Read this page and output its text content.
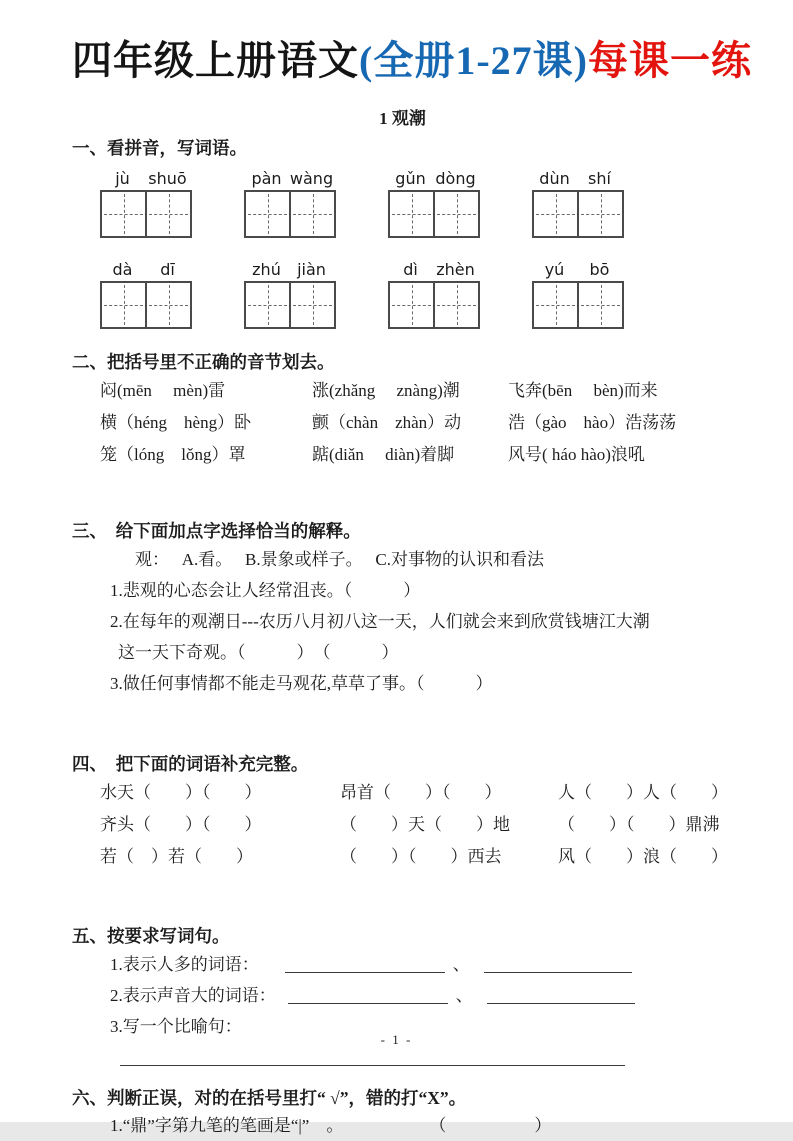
四年级上册语文(全册1-27课)每课一练
1 观潮
一、看拼音，写词语。
jù	shuō	pàn wàng	gǔn dòng	dùn	shí
dà	dī	zhú	jiàn	dì	zhèn	yú	bō
二、把括号里不正确的音节划去。
闷(mēn　 mèn)雷	涨(zhǎng　 znàng)潮	飞奔(bēn　 bèn)而来
横（héng　hèng）卧	颤（chàn　zhàn）动	浩（gào　hào）浩荡荡
笼（lóng　lǒng）罩	踮(diǎn　 diàn)着脚	风号( háo hào)浪吼
三、　给下面加点字选择恰当的解释。
观：　 A.看。　 B.景象或样子。　 C.对事物的认识和看法
1.悲观的心态会让人经常沮丧。（　　　）
2.在每年的观潮日---农历八月初八这一天，人们就会来到欣赏钱塘江大潮
这一天下奇观。（　　　）　（　　　）
3.做任何事情都不能走马观花,草草了事。（　　　）
四、　把下面的词语补充完整。
水天（　　）（　　）	昂首（　　）（　　）	人（　　）人（　　）
齐头（　　）（　　）	（　　）天（　　）地	（　　）（　　）鼎沸
若（　）若（　　）	（　　）（　　）西去	风（　　）浪（　　）
五、按要求写词句。
1.表示人多的词语：	、
2.表示声音大的词语：	、
3.写一个比喻句：
六、判断正误，对的在括号里打“ √”，错的打“X”。
1.“鼎”字第九笔的笔画是“|”　。	（　　）
- 1 -
